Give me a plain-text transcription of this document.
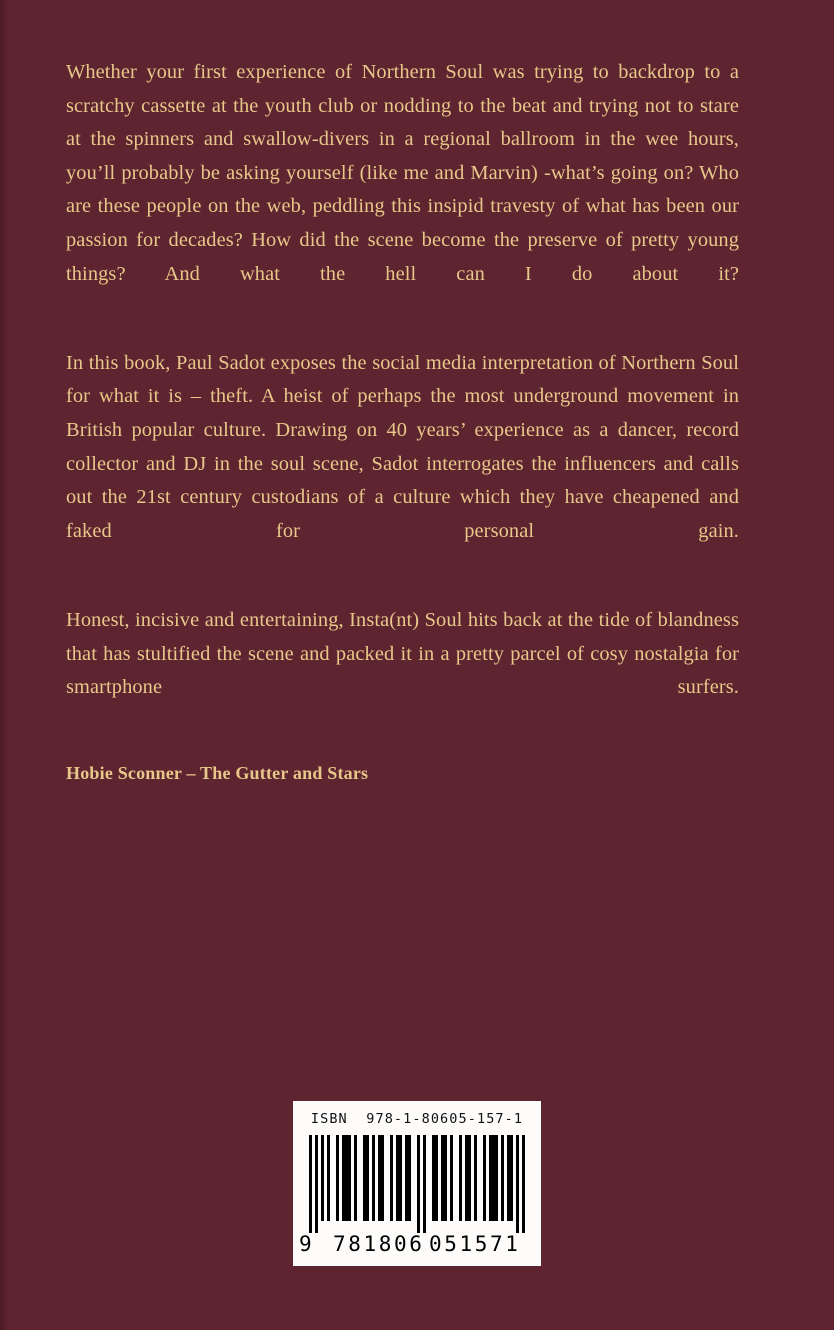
Whether your first experience of Northern Soul was trying to backdrop to a scratchy cassette at the youth club or nodding to the beat and trying not to stare at the spinners and swallow-divers in a regional ballroom in the wee hours, you’ll probably be asking yourself (like me and Marvin) -what’s going on? Who are these people on the web, peddling this insipid travesty of what has been our passion for decades? How did the scene become the preserve of pretty young things? And what the hell can I do about it?

In this book, Paul Sadot exposes the social media interpretation of Northern Soul for what it is – theft. A heist of perhaps the most underground movement in British popular culture. Drawing on 40 years’ experience as a dancer, record collector and DJ in the soul scene, Sadot interrogates the influencers and calls out the 21st century custodians of a culture which they have cheapened and faked for personal gain.

Honest, incisive and entertaining, Insta(nt) Soul hits back at the tide of blandness that has stultified the scene and packed it in a pretty parcel of cosy nostalgia for smartphone surfers.

Hobie Sconner – The Gutter and Stars

ISBN  978-1-80605-157-1
9 781806 051571
